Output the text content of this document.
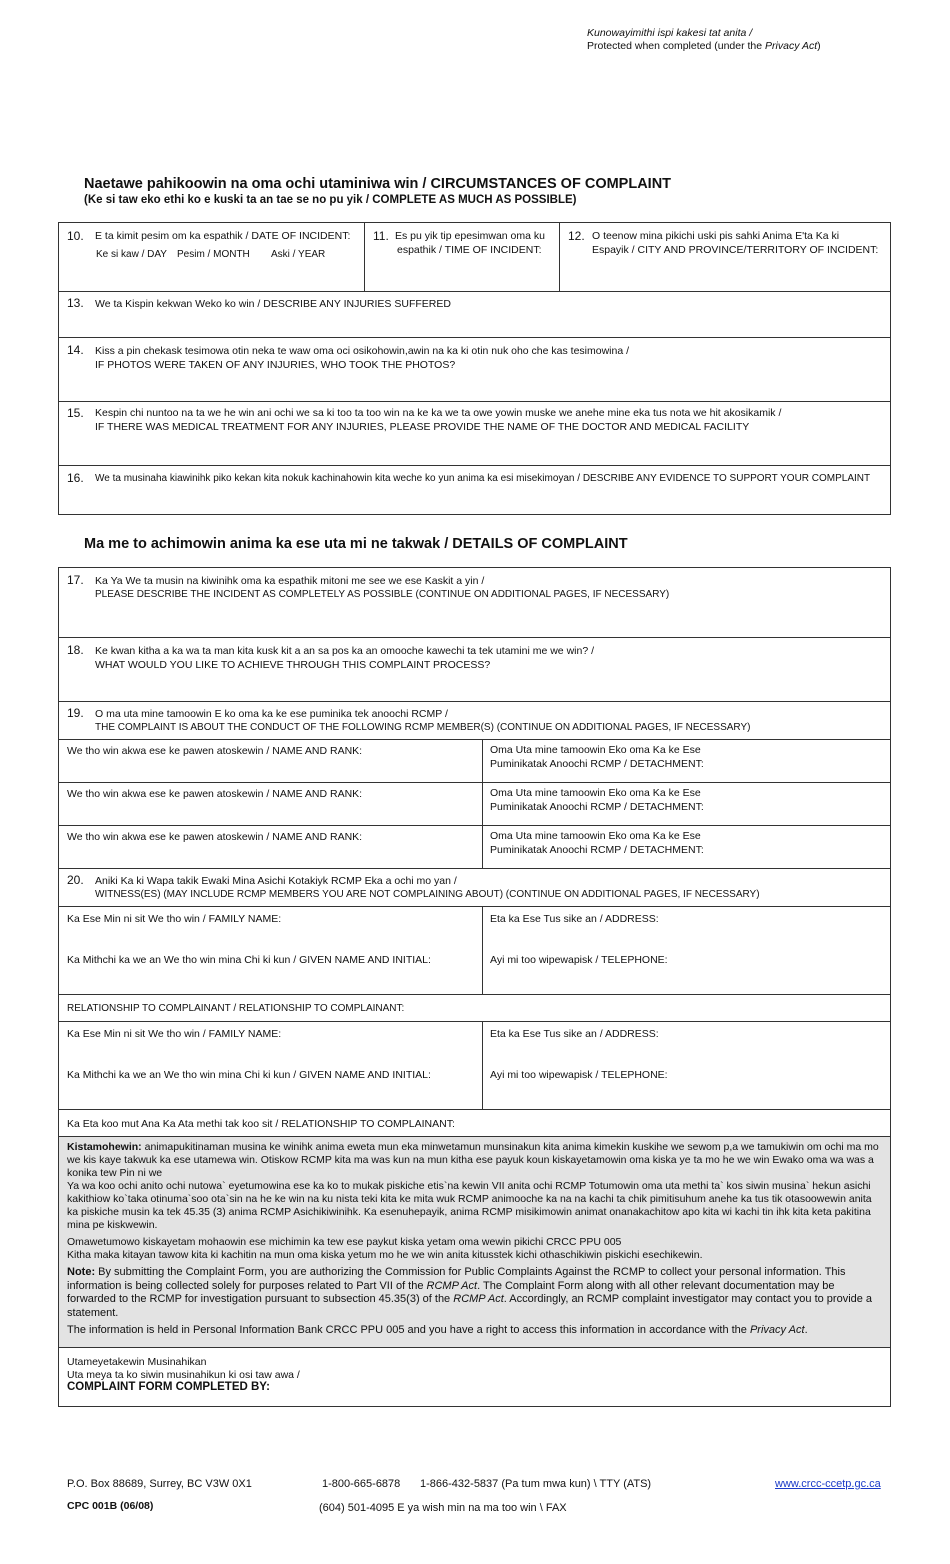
Kunowayimithi ispi kakesi tat anita /
Protected when completed (under the Privacy Act)
Naetawe pahikoowin na oma ochi utaminiwa win / CIRCUMSTANCES OF COMPLAINT
(Ke si taw eko ethi ko e kuski ta an tae se no pu yik / COMPLETE AS MUCH AS POSSIBLE)
10. E ta kimit pesim om ka espathik / DATE OF INCIDENT:
Ke si kaw / DAY Pesim / MONTH Aski / YEAR
11. Es pu yik tip epesimwan oma ku
espathik / TIME OF INCIDENT:
12. O teenow mina pikichi uski pis sahki Anima E'ta Ka ki
Espayik / CITY AND PROVINCE/TERRITORY OF INCIDENT:
13. We ta Kispin kekwan Weko ko win / DESCRIBE ANY INJURIES SUFFERED
14. Kiss a pin chekask tesimowa otin neka te waw oma oci osikohowin,awin na ka ki otin nuk oho che kas tesimowina /
IF PHOTOS WERE TAKEN OF ANY INJURIES, WHO TOOK THE PHOTOS?
15. Kespin chi nuntoo na ta we he win ani ochi we sa ki too ta too win na ke ka we ta owe yowin muske we anehe mine eka tus nota we hit akosikamik /
IF THERE WAS MEDICAL TREATMENT FOR ANY INJURIES, PLEASE PROVIDE THE NAME OF THE DOCTOR AND MEDICAL FACILITY
16. We ta musinaha kiawinihk piko kekan kita nokuk kachinahowin kita weche ko yun anima ka esi misekimoyan / DESCRIBE ANY EVIDENCE TO SUPPORT YOUR COMPLAINT
Ma me to achimowin anima ka ese uta mi ne takwak / DETAILS OF COMPLAINT
17. Ka Ya We ta musin na kiwinihk oma ka espathik mitoni me see we ese Kaskit a yin /
PLEASE DESCRIBE THE INCIDENT AS COMPLETELY AS POSSIBLE (CONTINUE ON ADDITIONAL PAGES, IF NECESSARY)
18. Ke kwan kitha a ka wa ta man kita kusk kit a an sa pos ka an omooche kawechi ta tek utamini me we win? /
WHAT WOULD YOU LIKE TO ACHIEVE THROUGH THIS COMPLAINT PROCESS?
19. O ma uta mine tamoowin E ko oma ka ke ese puminika tek anoochi RCMP /
THE COMPLAINT IS ABOUT THE CONDUCT OF THE FOLLOWING RCMP MEMBER(S) (CONTINUE ON ADDITIONAL PAGES, IF NECESSARY)
We tho win akwa ese ke pawen atoskewin / NAME AND RANK:	Oma Uta mine tamoowin Eko oma Ka ke Ese
Puminikatak Anoochi RCMP / DETACHMENT:
We tho win akwa ese ke pawen atoskewin / NAME AND RANK:	Oma Uta mine tamoowin Eko oma Ka ke Ese
Puminikatak Anoochi RCMP / DETACHMENT:
We tho win akwa ese ke pawen atoskewin / NAME AND RANK:	Oma Uta mine tamoowin Eko oma Ka ke Ese
Puminikatak Anoochi RCMP / DETACHMENT:
20. Aniki Ka ki Wapa takik Ewaki Mina Asichi Kotakiyk RCMP Eka a ochi mo yan /
WITNESS(ES) (MAY INCLUDE RCMP MEMBERS YOU ARE NOT COMPLAINING ABOUT) (CONTINUE ON ADDITIONAL PAGES, IF NECESSARY)
Ka Ese Min ni sit We tho win / FAMILY NAME:	Eta ka Ese Tus sike an / ADDRESS:
Ka Mithchi ka we an We tho win mina Chi ki kun / GIVEN NAME AND INITIAL:	Ayi mi too wipewapisk / TELEPHONE:
RELATIONSHIP TO COMPLAINANT / RELATIONSHIP TO COMPLAINANT:
Ka Ese Min ni sit We tho win / FAMILY NAME:	Eta ka Ese Tus sike an / ADDRESS:
Ka Mithchi ka we an We tho win mina Chi ki kun / GIVEN NAME AND INITIAL:	Ayi mi too wipewapisk / TELEPHONE:
Ka Eta koo mut Ana Ka Ata methi tak koo sit / RELATIONSHIP TO COMPLAINANT:

Kistamohewin: animapukitinaman musina ke winihk anima eweta mun eka minwetamun munsinakun kita anima kimekin kuskihe we sewom p,a we tamukiwin om ochi ma mo we kis kaye takwuk ka ese utamewa win. Otiskow RCMP kita ma was kun na mun kitha ese payuk koun kiskayetamowin oma kiska ye ta mo he we win Ewako oma wa was a konika tew Pin ni we
Ya wa koo ochi anito ochi nutowa` eyetumowina ese ka ko to mukak piskiche etis`na kewin VII anita ochi RCMP Totumowin oma uta methi ta` kos siwin musina` hekun asichi kakithiow ko`taka otinuma`soo ota`sin na he ke win na ku nista teki kita ke mita wuk RCMP animooche ka na na kachi ta chik pimitisuhum anehe ka tus tik otasoowewin anita ka piskiche musin ka tek 45.35 (3) anima RCMP Asichikiwinihk. Ka esenuhepayik, anima RCMP misikimowin animat onanakachitow apo kita wi kachi tin ihk kita keta pakitina mina pe kiskwewin.

Omawetumowo kiskayetam mohaowin ese michimin ka tew ese paykut kiska yetam oma wewin pikichi CRCC PPU 005
Kitha maka kitayan tawow kita ki kachitin na mun oma kiska yetum mo he we win anita kitusstek kichi othaschikiwin piskichi esechikewin.

Note: By submitting the Complaint Form, you are authorizing the Commission for Public Complaints Against the RCMP to collect your personal information. This information is being collected solely for purposes related to Part VII of the RCMP Act. The Complaint Form along with all other relevant documentation may be forwarded to the RCMP for investigation pursuant to subsection 45.35(3) of the RCMP Act. Accordingly, an RCMP complaint investigator may contact you to provide a statement.

The information is held in Personal Information Bank CRCC PPU 005 and you have a right to access this information in accordance with the Privacy Act.

Utameyetakewin Musinahikan
Uta meya ta ko siwin musinahikun ki osi taw awa /
COMPLAINT FORM COMPLETED BY:
P.O. Box 88689, Surrey, BC V3W 0X1	1-800-665-6878 1-866-432-5837 (Pa tum mwa kun) \ TTY (ATS)	www.crcc-ccetp.gc.ca
CPC 001B (06/08)	(604) 501-4095 E ya wish min na ma too win \ FAX
